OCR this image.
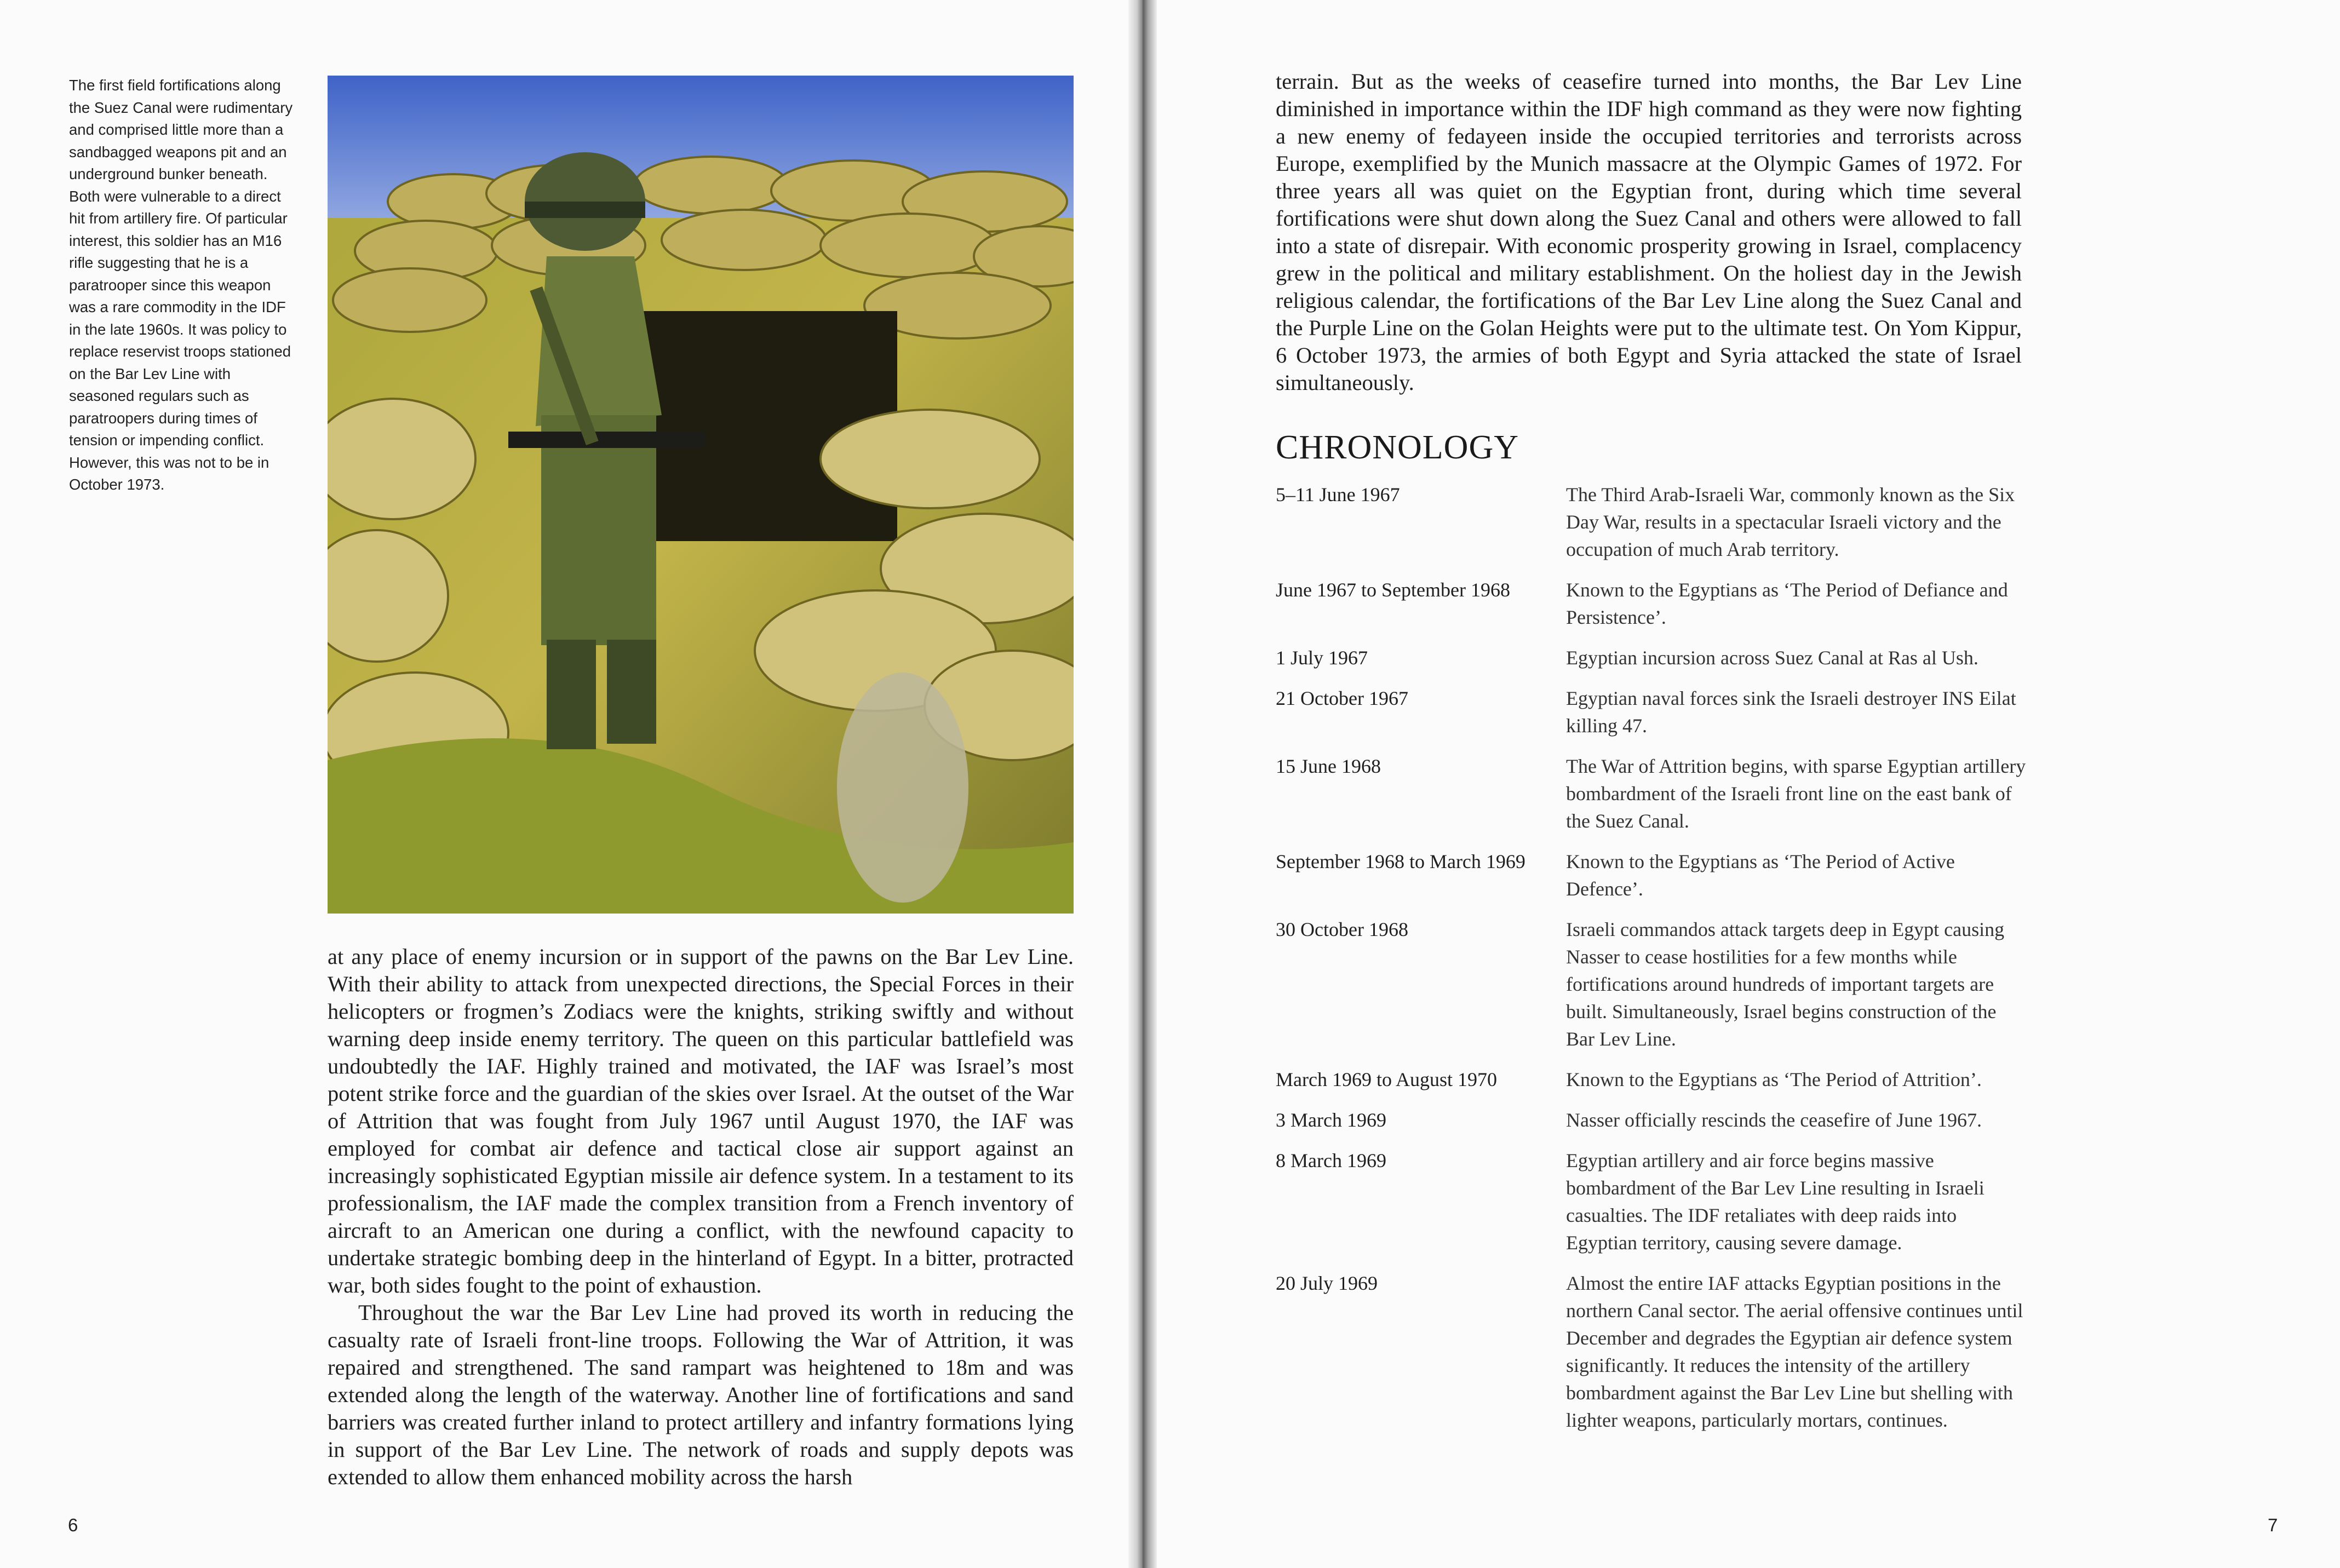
The first field fortifications along the Suez Canal were rudimentary and comprised little more than a sandbagged weapons pit and an underground bunker beneath. Both were vulnerable to a direct hit from artillery fire. Of particular interest, this soldier has an M16 rifle suggesting that he is a paratrooper since this weapon was a rare commodity in the IDF in the late 1960s. It was policy to replace reservist troops stationed on the Bar Lev Line with seasoned regulars such as paratroopers during times of tension or impending conflict. However, this was not to be in October 1973.

at any place of enemy incursion or in support of the pawns on the Bar Lev Line. With their ability to attack from unexpected directions, the Special Forces in their helicopters or frogmen’s Zodiacs were the knights, striking swiftly and without warning deep inside enemy territory. The queen on this particular battlefield was undoubtedly the IAF. Highly trained and motivated, the IAF was Israel’s most potent strike force and the guardian of the skies over Israel. At the outset of the War of Attrition that was fought from July 1967 until August 1970, the IAF was employed for combat air defence and tactical close air support against an increasingly sophisticated Egyptian missile air defence system. In a testament to its professionalism, the IAF made the complex transition from a French inventory of aircraft to an American one during a conflict, with the newfound capacity to undertake strategic bombing deep in the hinterland of Egypt. In a bitter, protracted war, both sides fought to the point of exhaustion.

Throughout the war the Bar Lev Line had proved its worth in reducing the casualty rate of Israeli front-line troops. Following the War of Attrition, it was repaired and strengthened. The sand rampart was heightened to 18m and was extended along the length of the waterway. Another line of fortifications and sand barriers was created further inland to protect artillery and infantry formations lying in support of the Bar Lev Line. The network of roads and supply depots was extended to allow them enhanced mobility across the harsh

6

terrain. But as the weeks of ceasefire turned into months, the Bar Lev Line diminished in importance within the IDF high command as they were now fighting a new enemy of fedayeen inside the occupied territories and terrorists across Europe, exemplified by the Munich massacre at the Olympic Games of 1972. For three years all was quiet on the Egyptian front, during which time several fortifications were shut down along the Suez Canal and others were allowed to fall into a state of disrepair. With economic prosperity growing in Israel, complacency grew in the political and military establishment. On the holiest day in the Jewish religious calendar, the fortifications of the Bar Lev Line along the Suez Canal and the Purple Line on the Golan Heights were put to the ultimate test. On Yom Kippur, 6 October 1973, the armies of both Egypt and Syria attacked the state of Israel simultaneously.

CHRONOLOGY
5–11 June 1967	The Third Arab-Israeli War, commonly known as the Six Day War, results in a spectacular Israeli victory and the occupation of much Arab territory.
June 1967 to September 1968	Known to the Egyptians as ‘The Period of Defiance and Persistence’.
1 July 1967	Egyptian incursion across Suez Canal at Ras al Ush.
21 October 1967	Egyptian naval forces sink the Israeli destroyer INS Eilat killing 47.
15 June 1968	The War of Attrition begins, with sparse Egyptian artillery bombardment of the Israeli front line on the east bank of the Suez Canal.
September 1968 to March 1969	Known to the Egyptians as ‘The Period of Active Defence’.
30 October 1968	Israeli commandos attack targets deep in Egypt causing Nasser to cease hostilities for a few months while fortifications around hundreds of important targets are built. Simultaneously, Israel begins construction of the Bar Lev Line.
March 1969 to August 1970	Known to the Egyptians as ‘The Period of Attrition’.
3 March 1969	Nasser officially rescinds the ceasefire of June 1967.
8 March 1969	Egyptian artillery and air force begins massive bombardment of the Bar Lev Line resulting in Israeli casualties. The IDF retaliates with deep raids into Egyptian territory, causing severe damage.
20 July 1969	Almost the entire IAF attacks Egyptian positions in the northern Canal sector. The aerial offensive continues until December and degrades the Egyptian air defence system significantly. It reduces the intensity of the artillery bombardment against the Bar Lev Line but shelling with lighter weapons, particularly mortars, continues.
7
